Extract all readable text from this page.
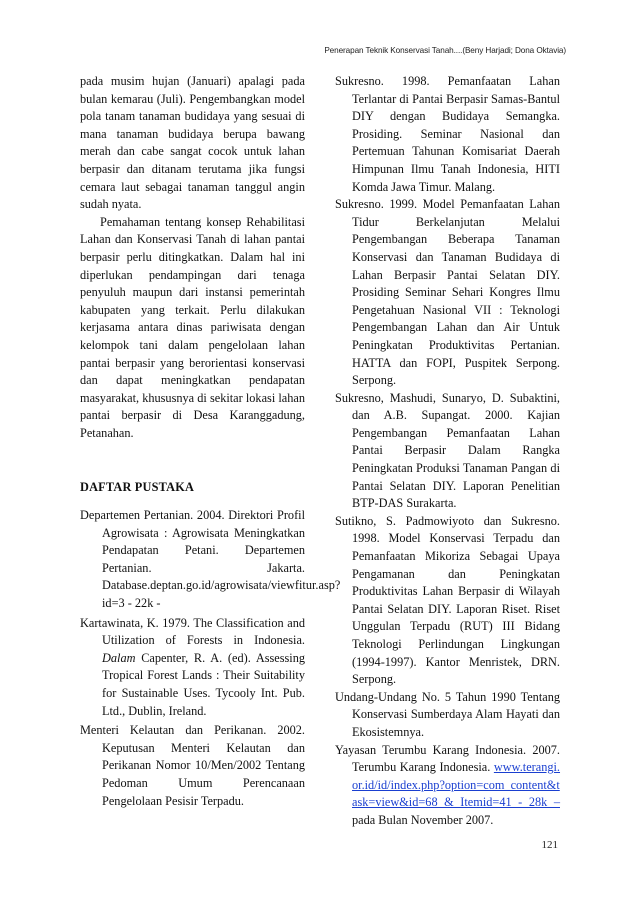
Penerapan Teknik Konservasi Tanah....(Beny Harjadi; Dona Oktavia)

pada musim hujan (Januari) apalagi pada bulan kemarau (Juli). Pengembangkan model pola tanam tanaman budidaya yang sesuai di mana tanaman budidaya berupa bawang merah dan cabe sangat cocok untuk lahan berpasir dan ditanam terutama jika fungsi cemara laut sebagai tanaman tanggul angin sudah nyata.

Pemahaman tentang konsep Rehabilitasi Lahan dan Konservasi Tanah di lahan pantai berpasir perlu ditingkatkan. Dalam hal ini diperlukan pendampingan dari tenaga penyuluh maupun dari instansi pemerintah kabupaten yang terkait. Perlu dilakukan kerjasama antara dinas pariwisata dengan kelompok tani dalam pengelolaan lahan pantai berpasir yang berorientasi konservasi dan dapat meningkatkan pendapatan masyarakat, khususnya di sekitar lokasi lahan pantai berpasir di Desa Karanggadung, Petanahan.

DAFTAR PUSTAKA

Departemen Pertanian. 2004. Direktori Profil Agrowisata : Agrowisata Meningkatkan Pendapatan Petani. Departemen Pertanian. Jakarta. Database.deptan.go.id/agrowisata/viewfitur.asp?id=3 - 22k -

Kartawinata, K. 1979. The Classification and Utilization of Forests in Indonesia. Dalam Capenter, R. A. (ed). Assessing Tropical Forest Lands : Their Suitability for Sustainable Uses. Tycooly Int. Pub. Ltd., Dublin, Ireland.

Menteri Kelautan dan Perikanan. 2002. Keputusan Menteri Kelautan dan Perikanan Nomor 10/Men/2002 Tentang Pedoman Umum Perencanaan Pengelolaan Pesisir Terpadu.

Sukresno. 1998. Pemanfaatan Lahan Terlantar di Pantai Berpasir Samas-Bantul DIY dengan Budidaya Semangka. Prosiding. Seminar Nasional dan Pertemuan Tahunan Komisariat Daerah Himpunan Ilmu Tanah Indonesia, HITI Komda Jawa Timur. Malang.

Sukresno. 1999. Model Pemanfaatan Lahan Tidur Berkelanjutan Melalui Pengembangan Beberapa Tanaman Konservasi dan Tanaman Budidaya di Lahan Berpasir Pantai Selatan DIY. Prosiding Seminar Sehari Kongres Ilmu Pengetahuan Nasional VII : Teknologi Pengembangan Lahan dan Air Untuk Peningkatan Produktivitas Pertanian. HATTA dan FOPI, Puspitek Serpong. Serpong.

Sukresno, Mashudi, Sunaryo, D. Subaktini, dan A.B. Supangat. 2000. Kajian Pengembangan Pemanfaatan Lahan Pantai Berpasir Dalam Rangka Peningkatan Produksi Tanaman Pangan di Pantai Selatan DIY. Laporan Penelitian BTP-DAS Surakarta.

Sutikno, S. Padmowiyoto dan Sukresno. 1998. Model Konservasi Terpadu dan Pemanfaatan Mikoriza Sebagai Upaya Pengamanan dan Peningkatan Produktivitas Lahan Berpasir di Wilayah Pantai Selatan DIY. Laporan Riset. Riset Unggulan Terpadu (RUT) III Bidang Teknologi Perlindungan Lingkungan (1994-1997). Kantor Menristek, DRN. Serpong.

Undang-Undang No. 5 Tahun 1990 Tentang Konservasi Sumberdaya Alam Hayati dan Ekosistemnya.

Yayasan Terumbu Karang Indonesia. 2007. Terumbu Karang Indonesia. www.terangi.or.id/id/index.php?option=com_content&task=view&id=68 & Itemid=41 - 28k – pada Bulan November 2007.

121
